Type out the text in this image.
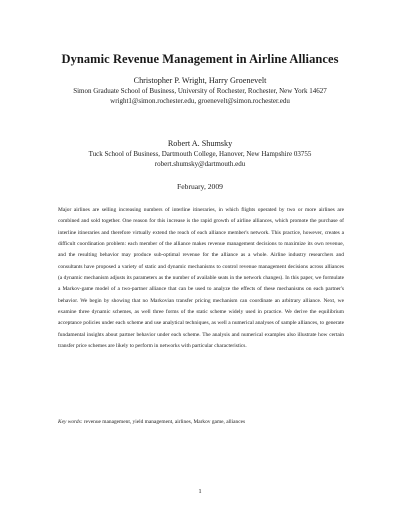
Dynamic Revenue Management in Airline Alliances
Christopher P. Wright, Harry Groenevelt
Simon Graduate School of Business, University of Rochester, Rochester, New York 14627
wright1@simon.rochester.edu, groenevelt@simon.rochester.edu
Robert A. Shumsky
Tuck School of Business, Dartmouth College, Hanover, New Hampshire 03755
robert.shumsky@dartmouth.edu
February, 2009

Major airlines are selling increasing numbers of interline itineraries, in which flights operated by two or more airlines are combined and sold together. One reason for this increase is the rapid growth of airline alliances, which promote the purchase of interline itineraries and therefore virtually extend the reach of each alliance member's network. This practice, however, creates a difficult coordination problem: each member of the alliance makes revenue management decisions to maximize its own revenue, and the resulting behavior may produce sub-optimal revenue for the alliance as a whole. Airline industry researchers and consultants have proposed a variety of static and dynamic mechanisms to control revenue management decisions across alliances (a dynamic mechanism adjusts its parameters as the number of available seats in the network changes). In this paper, we formulate a Markov-game model of a two-partner alliance that can be used to analyze the effects of these mechanisms on each partner's behavior. We begin by showing that no Markovian transfer pricing mechanism can coordinate an arbitrary alliance. Next, we examine three dynamic schemes, as well three forms of the static scheme widely used in practice. We derive the equilibrium acceptance policies under each scheme and use analytical techniques, as well a numerical analyses of sample alliances, to generate fundamental insights about partner behavior under each scheme. The analysis and numerical examples also illustrate how certain transfer price schemes are likely to perform in networks with particular characteristics.

Key words: revenue management, yield management, airlines, Markov game, alliances

1
